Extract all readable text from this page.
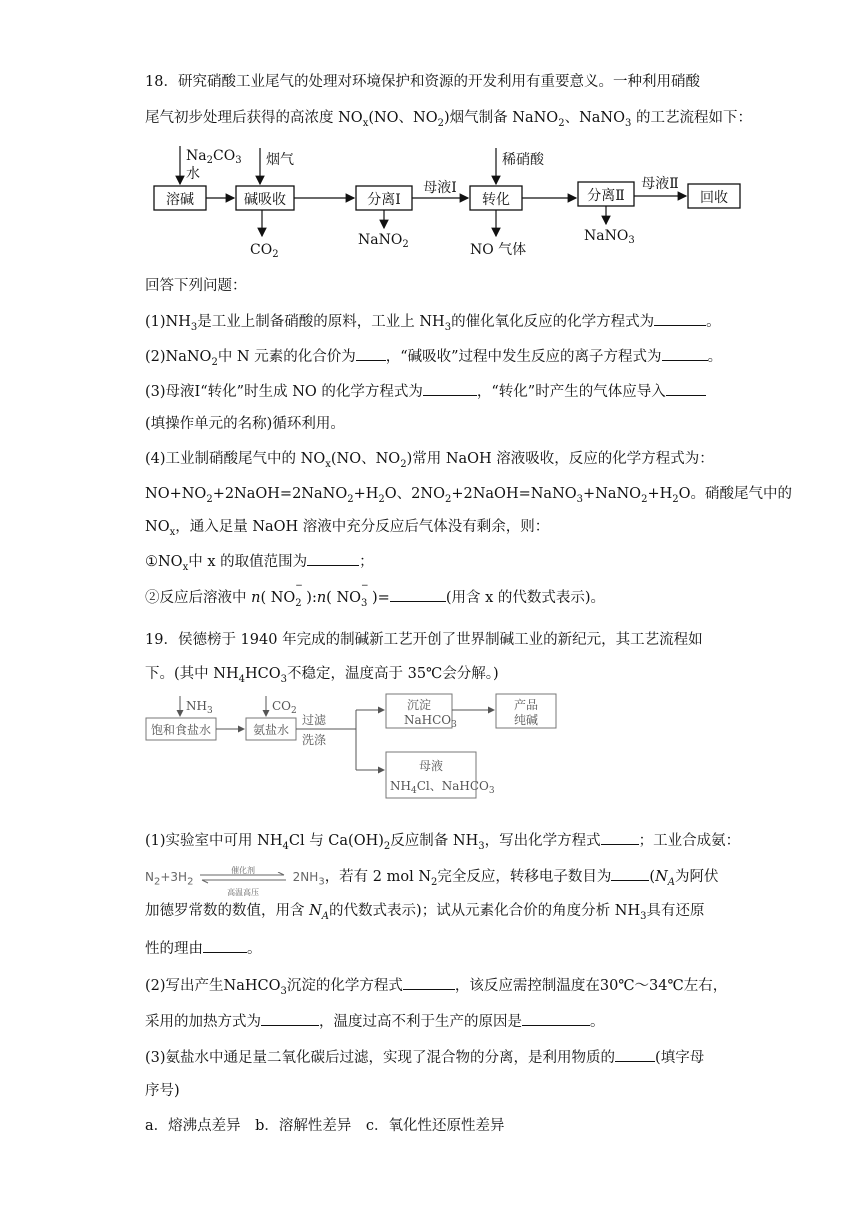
18．研究硝酸工业尾气的处理对环境保护和资源的开发利用有重要意义。一种利用硝酸
尾气初步处理后获得的高浓度 $NO_x(NO$、$NO_2$)烟气制备 NaNO$_2$、NaNO$_3$ 的工艺流程如下：
溶碱	碱吸收	分离Ⅰ	转化	分离Ⅱ	回收
母液Ⅰ	母液Ⅱ
$Na_2CO_3$
水
烟气	稀硝酸
$CO_2$
NaNO$_2$	NO 气体
NaNO$_3$
回答下列问题：
$(1)NH_3$是工业上制备硝酸的原料，工业上 $NH_3$的催化氧化反应的化学方程式为	。
(2)NaNO$_2$中 N 元素的化合价为 ，“碱吸收”过程中发生反应的离子方程式为	。
(3)母液Ⅰ“转化”时生成 NO 的化学方程式为	，“转化”时产生的气体应导入
(填操作单元的名称)循环利用。
(4)工业制硝酸尾气中的 $NO_x(NO$、$NO_2$)常用 NaOH 溶液吸收，反应的化学方程式为：
$NO+NO_2+2NaOH=2NaNO_2+H_2O$、$2NO_2+2NaOH=NaNO_3+NaNO_2+H_2O$。硝酸尾气中的
$NO_x$，通入足量 NaOH 溶液中充分反应后气体没有剩余，则：
$①NO_x$中 x 的取值范围为	；
②反应后溶液中 n( $NO_{2 -}$
):n( $NO_{3 -}$
)=	(用含 x 的代数式表示)。
19．侯德榜于 1940 年完成的制碱新工艺开创了世界制碱工业的新纪元，其工艺流程如
下。(其中 $NH_4HCO_3$不稳定，温度高于 35℃会分解。)
$NH_3$
饱和食盐水
$CO_2$
氨盐水
过滤
洗涤
沉淀
NaHCO$_3$
产品
纯碱
母液
$NH_4Cl$、NaHCO$_3$
(1)实验室中可用 $NH_4Cl$ 与 $Ca(OH)_2$反应制备 $NH_3$，写出化学方程式	；工业合成氨：
$N_2+3H_2$
催化剂
高温高压
$2NH_3$，若有 2 mol $N_2$完全反应，转移电子数目为	($N_A$为阿伏
加德罗常数的数值，用含 $N_A$的代数式表示)；试从元素化合价的角度分析 $NH_3$具有还原
性的理由	。
(2)写出产生NaHCO$_3$沉淀的化学方程式	，该反应需控制温度在30℃～34℃左右，
采用的加热方式为	，温度过高不利于生产的原因是	。
(3)氨盐水中通足量二氧化碳后过滤，实现了混合物的分离，是利用物质的	(填字母
序号)
a．熔沸点差异　b．溶解性差异　c．氧化性还原性差异
